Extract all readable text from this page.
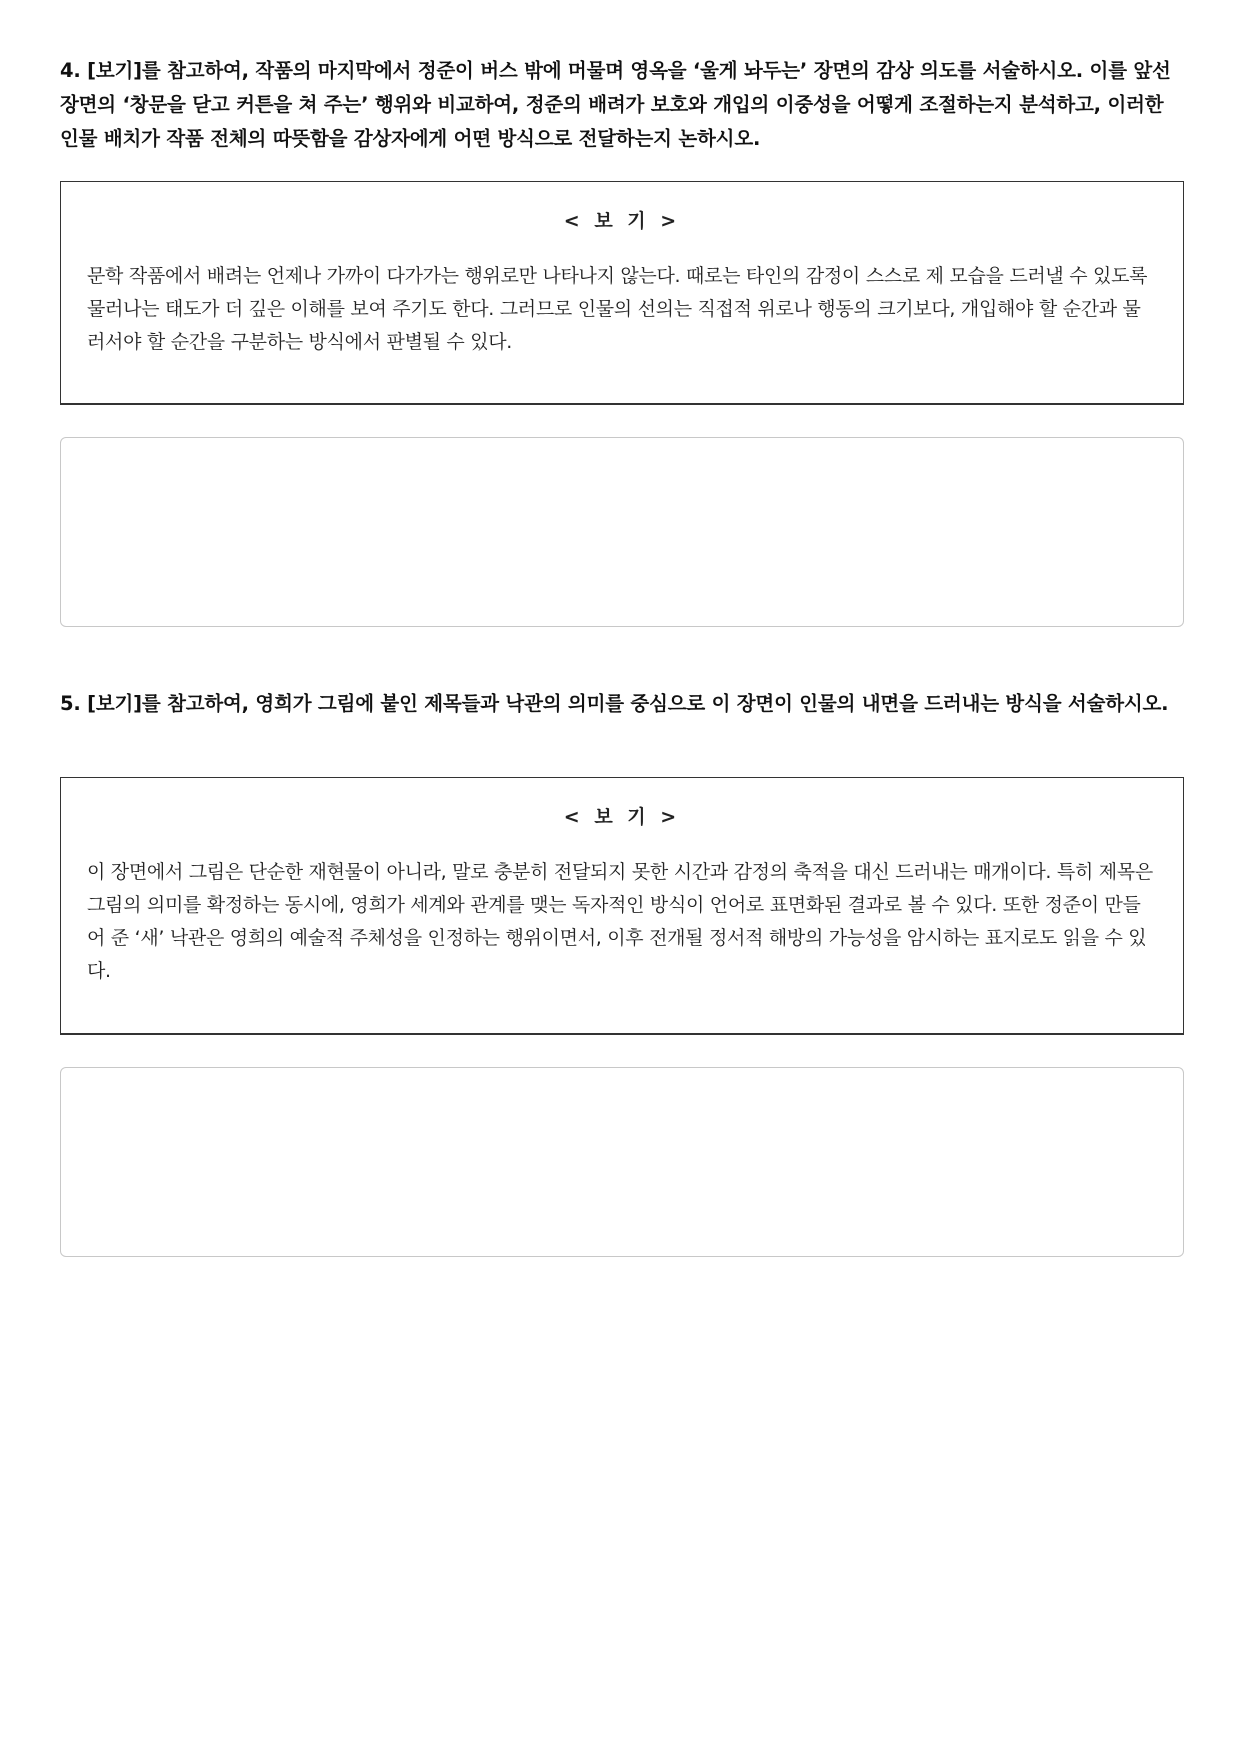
4. [보기]를 참고하여, 작품의 마지막에서 정준이 버스 밖에 머물며 영옥을 ‘울게 놔두는’ 장면의 감상 의도를 서술하시오. 이를 앞선 장면의 ‘창문을 닫고 커튼을 쳐 주는’ 행위와 비교하여, 정준의 배려가 보호와 개입의 이중성을 어떻게 조절하는지 분석하고, 이러한 인물 배치가 작품 전체의 따뜻함을 감상자에게 어떤 방식으로 전달하는지 논하시오.

< 보 기 >

문학 작품에서 배려는 언제나 가까이 다가가는 행위로만 나타나지 않는다. 때로는 타인의 감정이 스스로 제 모습을 드러낼 수 있도록 물러나는 태도가 더 깊은 이해를 보여 주기도 한다. 그러므로 인물의 선의는 직접적 위로나 행동의 크기보다, 개입해야 할 순간과 물러서야 할 순간을 구분하는 방식에서 판별될 수 있다.

5. [보기]를 참고하여, 영희가 그림에 붙인 제목들과 낙관의 의미를 중심으로 이 장면이 인물의 내면을 드러내는 방식을 서술하시오.

< 보 기 >

이 장면에서 그림은 단순한 재현물이 아니라, 말로 충분히 전달되지 못한 시간과 감정의 축적을 대신 드러내는 매개이다. 특히 제목은 그림의 의미를 확정하는 동시에, 영희가 세계와 관계를 맺는 독자적인 방식이 언어로 표면화된 결과로 볼 수 있다. 또한 정준이 만들어 준 ‘새’ 낙관은 영희의 예술적 주체성을 인정하는 행위이면서, 이후 전개될 정서적 해방의 가능성을 암시하는 표지로도 읽을 수 있다.
